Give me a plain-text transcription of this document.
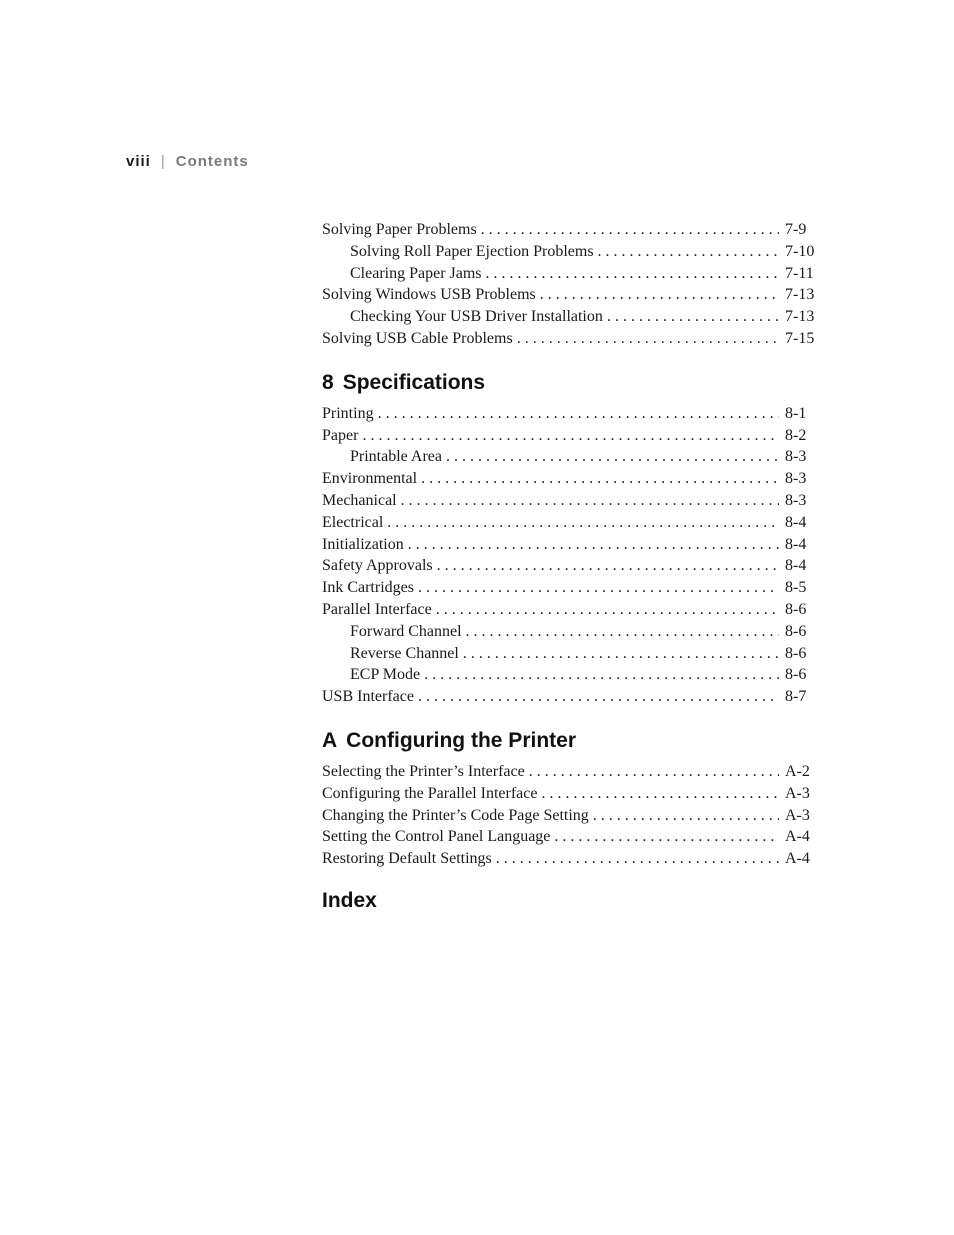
viii | Contents
Solving Paper Problems . . .	7-9
Solving Roll Paper Ejection Problems . . .	7-10
Clearing Paper Jams . . .	7-11
Solving Windows USB Problems . . .	7-13
Checking Your USB Driver Installation . . .	7-13
Solving USB Cable Problems . . .	7-15
8 Specifications
Printing . . .	8-1
Paper . . .	8-2
Printable Area . . .	8-3
Environmental . . .	8-3
Mechanical . . .	8-3
Electrical . . .	8-4
Initialization . . .	8-4
Safety Approvals . . .	8-4
Ink Cartridges . . .	8-5
Parallel Interface . . .	8-6
Forward Channel . . .	8-6
Reverse Channel . . .	8-6
ECP Mode . . .	8-6
USB Interface . . .	8-7
A Configuring the Printer
Selecting the Printer’s Interface . . .	A-2
Configuring the Parallel Interface . . .	A-3
Changing the Printer’s Code Page Setting . . .	A-3
Setting the Control Panel Language . . .	A-4
Restoring Default Settings . . .	A-4
Index
